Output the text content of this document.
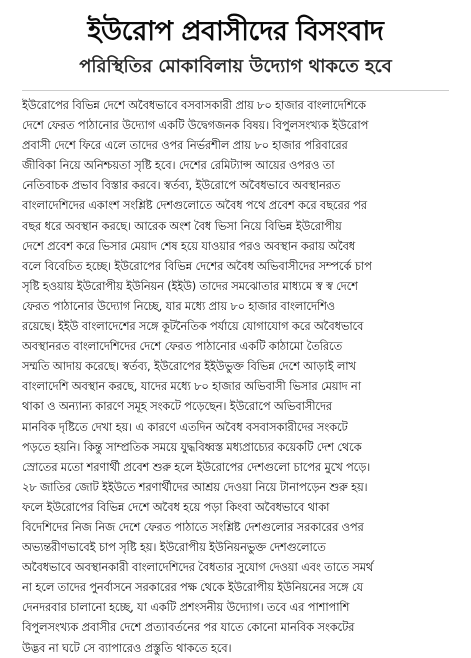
ইউরোপ প্রবাসীদের বিসংবাদ
পরিস্থিতির মোকাবিলায় উদ্যোগ থাকতে হবে
ইউরোপের বিভিন্ন দেশে অবৈধভাবে বসবাসকারী প্রায় ৮০ হাজার বাংলাদেশিকে
দেশে ফেরত পাঠানোর উদ্যোগ একটি উদ্বেগজনক বিষয়। বিপুলসংখ্যক ইউরোপ
প্রবাসী দেশে ফিরে এলে তাদের ওপর নির্ভরশীল প্রায় ৮০ হাজার পরিবারের
জীবিকা নিয়ে অনিশ্চয়তা সৃষ্টি হবে। দেশের রেমিট্যান্স আয়ের ওপরও তা
নেতিবাচক প্রভাব বিস্তার করবে। স্বর্তব্য, ইউরোপে অবৈধভাবে অবস্থানরত
বাংলাদেশিদের একাংশ সংশ্লিষ্ট দেশগুলোতে অবৈধ পথে প্রবেশ করে বছরের পর
বছর ধরে অবস্থান করছে। আরেক অংশ বৈধ ভিসা নিয়ে বিভিন্ন ইউরোপীয়
দেশে প্রবেশ করে ভিসার মেয়াদ শেষ হয়ে যাওয়ার পরও অবস্থান করায় অবৈধ
বলে বিবেচিত হচ্ছে। ইউরোপের বিভিন্ন দেশের অবৈধ অভিবাসীদের সম্পর্কে চাপ
সৃষ্টি হওয়ায় ইউরোপীয় ইউনিয়ন (ইইউ) তাদের সমঝোতার মাধ্যমে স্ব স্ব দেশে
ফেরত পাঠানোর উদ্যোগ নিচ্ছে, যার মধ্যে প্রায় ৮০ হাজার বাংলাদেশিও
রয়েছে। ইইউ বাংলাদেশের সঙ্গে কূটনৈতিক পর্যায়ে যোগাযোগ করে অবৈধভাবে
অবস্থানরত বাংলাদেশিদের দেশে ফেরত পাঠানোর একটি কাঠামো তৈরিতে
সম্মতি আদায় করেছে। স্বর্তব্য, ইউরোপের ইইউভুক্ত বিভিন্ন দেশে আড়াই লাখ
বাংলাদেশি অবস্থান করছে, যাদের মধ্যে ৮০ হাজার অভিবাসী ভিসার মেয়াদ না
থাকা ও অন্যান্য কারণে সমূহ সংকটে পড়েছেন। ইউরোপে অভিবাসীদের
মানবিক দৃষ্টিতে দেখা হয়। এ কারণে এতদিন অবৈধ বসবাসকারীদের সংকটে
পড়তে হয়নি। কিন্তু সাম্প্রতিক সময়ে যুদ্ধবিধ্বস্ত মধ্যপ্রাচ্যের কয়েকটি দেশ থেকে
স্রোতের মতো শরণার্থী প্রবেশ শুরু হলে ইউরোপের দেশগুলো চাপের মুখে পড়ে।
২৮ জাতির জোট ইইউতে শরণার্থীদের আশ্রয় দেওয়া নিয়ে টানাপড়েন শুরু হয়।
ফলে ইউরোপের বিভিন্ন দেশে অবৈধ হয়ে পড়া কিংবা অবৈধভাবে থাকা
বিদেশিদের নিজ নিজ দেশে ফেরত পাঠাতে সংশ্লিষ্ট দেশগুলোর সরকারের ওপর
অভ্যন্তরীণভাবেই চাপ সৃষ্টি হয়। ইউরোপীয় ইউনিয়নভুক্ত দেশগুলোতে
অবৈধভাবে অবস্থানকারী বাংলাদেশিদের বৈধতার সুযোগ দেওয়া এবং তাতে সমর্থ
না হলে তাদের পুনর্বাসনে সরকারের পক্ষ থেকে ইউরোপীয় ইউনিয়নের সঙ্গে যে
দেনদরবার চালানো হচ্ছে, যা একটি প্রশংসনীয় উদ্যোগ। তবে এর পাশাপাশি
বিপুলসংখ্যক প্রবাসীর দেশে প্রত্যাবর্তনের পর যাতে কোনো মানবিক সংকটের
উদ্ভব না ঘটে সে ব্যাপারেও প্রস্তুতি থাকতে হবে।
